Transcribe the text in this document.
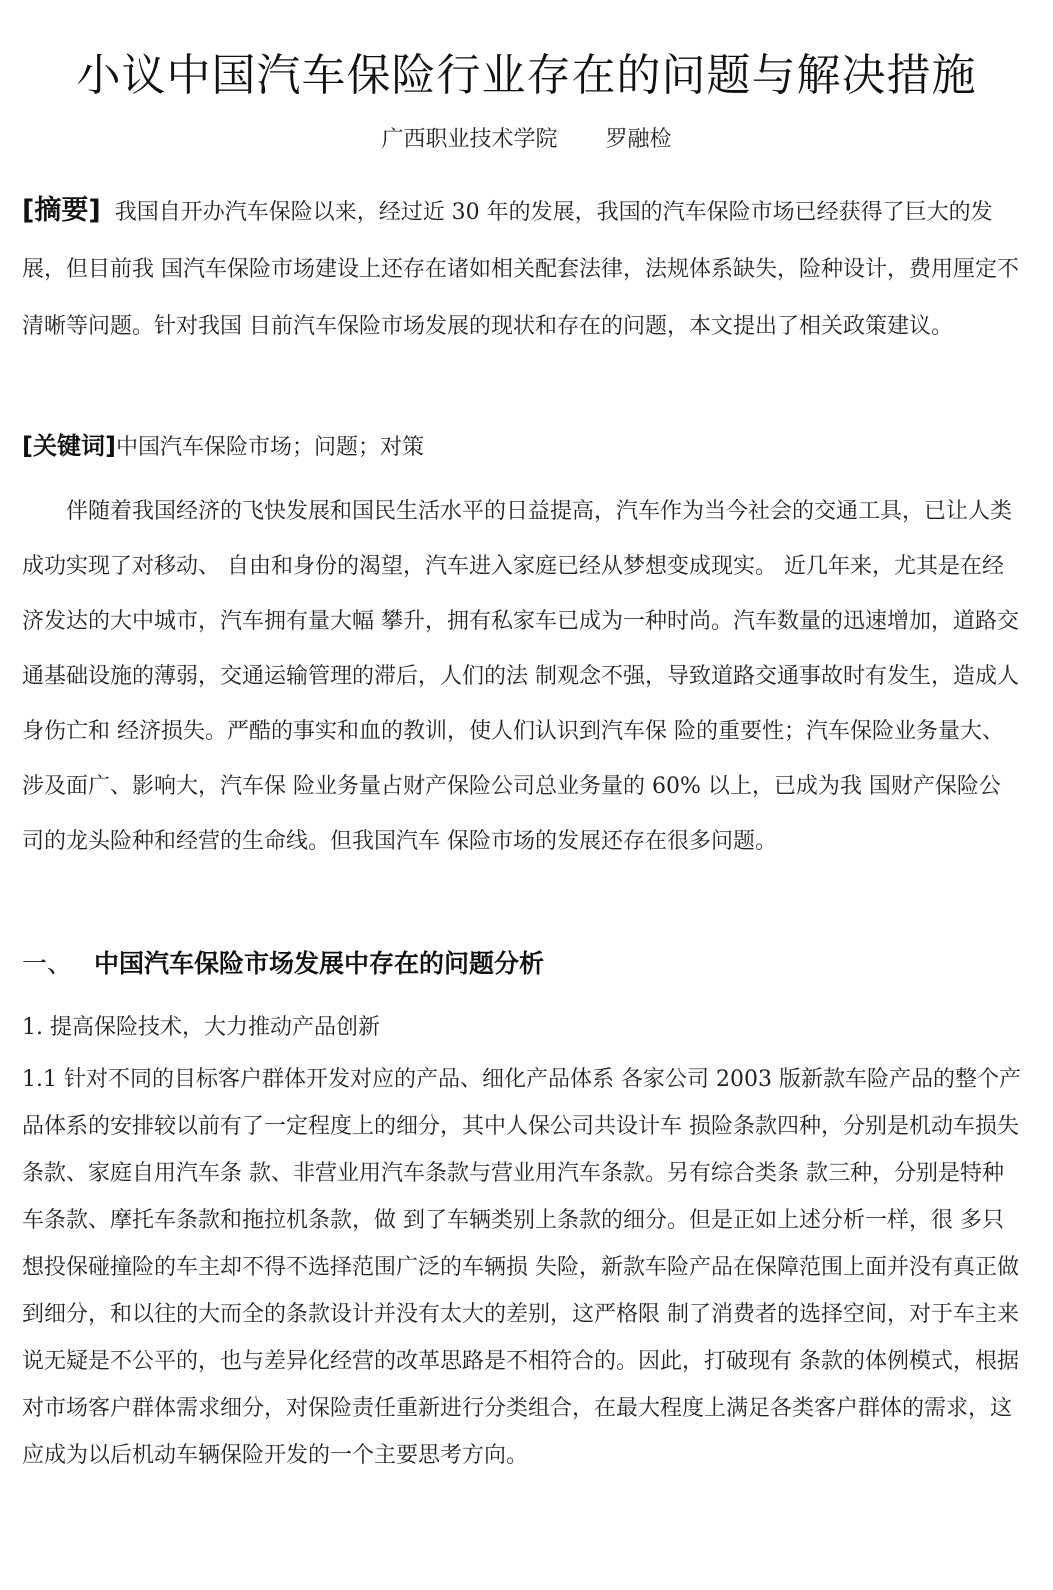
小议中国汽车保险行业存在的问题与解决措施
广西职业技术学院 罗融检
[摘要] 我国自开办汽车保险以来，经过近 30 年的发展，我国的汽车保险市场已经获得了巨大的发展，但目前我 国汽车保险市场建设上还存在诸如相关配套法律，法规体系缺失，险种设计，费用厘定不清晰等问题。针对我国 目前汽车保险市场发展的现状和存在的问题，本文提出了相关政策建议。
[关键词]中国汽车保险市场；问题；对策
伴随着我国经济的飞快发展和国民生活水平的日益提高，汽车作为当今社会的交通工具，已让人类成功实现了对移动、 自由和身份的渴望，汽车进入家庭已经从梦想变成现实。 近几年来，尤其是在经济发达的大中城市，汽车拥有量大幅 攀升，拥有私家车已成为一种时尚。汽车数量的迅速增加，道路交通基础设施的薄弱，交通运输管理的滞后，人们的法 制观念不强，导致道路交通事故时有发生，造成人身伤亡和 经济损失。严酷的事实和血的教训，使人们认识到汽车保 险的重要性；汽车保险业务量大、涉及面广、影响大，汽车保 险业务量占财产保险公司总业务量的 60% 以上，已成为我 国财产保险公司的龙头险种和经营的生命线。但我国汽车 保险市场的发展还存在很多问题。
一、 中国汽车保险市场发展中存在的问题分析
1. 提高保险技术，大力推动产品创新
1.1 针对不同的目标客户群体开发对应的产品、细化产品体系 各家公司 2003 版新款车险产品的整个产品体系的安排较以前有了一定程度上的细分，其中人保公司共设计车 损险条款四种，分别是机动车损失条款、家庭自用汽车条 款、非营业用汽车条款与营业用汽车条款。另有综合类条 款三种，分别是特种车条款、摩托车条款和拖拉机条款，做 到了车辆类别上条款的细分。但是正如上述分析一样，很 多只想投保碰撞险的车主却不得不选择范围广泛的车辆损 失险，新款车险产品在保障范围上面并没有真正做到细分，和以往的大而全的条款设计并没有太大的差别，这严格限 制了消费者的选择空间，对于车主来说无疑是不公平的，也与差异化经营的改革思路是不相符合的。因此，打破现有 条款的体例模式，根据对市场客户群体需求细分，对保险责任重新进行分类组合，在最大程度上满足各类客户群体的需求，这应成为以后机动车辆保险开发的一个主要思考方向。
